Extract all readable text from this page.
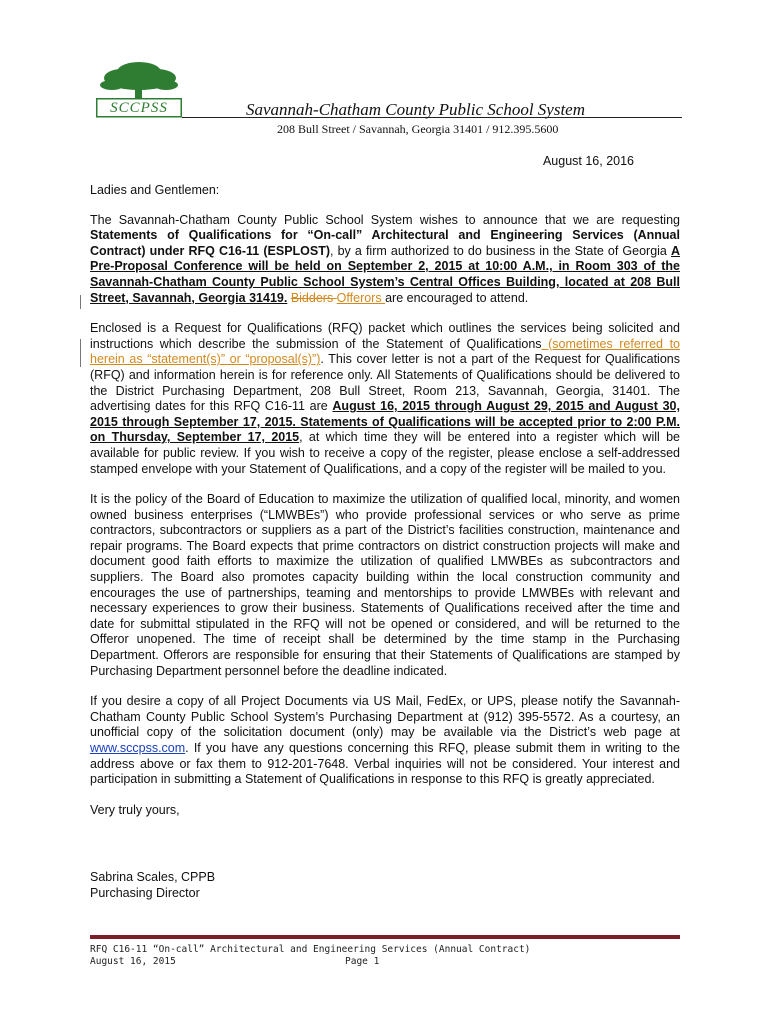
SCCPSS	Savannah-Chatham County Public School System
208 Bull Street / Savannah, Georgia 31401 / 912.395.5600
August 16, 2016

Ladies and Gentlemen:

The Savannah-Chatham County Public School System wishes to announce that we are requesting Statements of Qualifications for “On-call” Architectural and Engineering Services (Annual Contract) under RFQ C16-11 (ESPLOST), by a firm authorized to do business in the State of Georgia A Pre-Proposal Conference will be held on September 2, 2015 at 10:00 A.M., in Room 303 of the Savannah-Chatham County Public School System’s Central Offices Building, located at 208 Bull Street, Savannah, Georgia 31419. Bidders Offerors are encouraged to attend.

Enclosed is a Request for Qualifications (RFQ) packet which outlines the services being solicited and instructions which describe the submission of the Statement of Qualifications (sometimes referred to herein as “statement(s)” or “proposal(s)”). This cover letter is not a part of the Request for Qualifications (RFQ) and information herein is for reference only. All Statements of Qualifications should be delivered to the District Purchasing Department, 208 Bull Street, Room 213, Savannah, Georgia, 31401. The advertising dates for this RFQ C16-11 are August 16, 2015 through August 29, 2015 and August 30, 2015 through September 17, 2015. Statements of Qualifications will be accepted prior to 2:00 P.M. on Thursday, September 17, 2015, at which time they will be entered into a register which will be available for public review. If you wish to receive a copy of the register, please enclose a self-addressed stamped envelope with your Statement of Qualifications, and a copy of the register will be mailed to you.

It is the policy of the Board of Education to maximize the utilization of qualified local, minority, and women owned business enterprises (“LMWBEs”) who provide professional services or who serve as prime contractors, subcontractors or suppliers as a part of the District’s facilities construction, maintenance and repair programs. The Board expects that prime contractors on district construction projects will make and document good faith efforts to maximize the utilization of qualified LMWBEs as subcontractors and suppliers. The Board also promotes capacity building within the local construction community and encourages the use of partnerships, teaming and mentorships to provide LMWBEs with relevant and necessary experiences to grow their business. Statements of Qualifications received after the time and date for submittal stipulated in the RFQ will not be opened or considered, and will be returned to the Offeror unopened. The time of receipt shall be determined by the time stamp in the Purchasing Department. Offerors are responsible for ensuring that their Statements of Qualifications are stamped by Purchasing Department personnel before the deadline indicated.

If you desire a copy of all Project Documents via US Mail, FedEx, or UPS, please notify the Savannah-Chatham County Public School System’s Purchasing Department at (912) 395-5572. As a courtesy, an unofficial copy of the solicitation document (only) may be available via the District’s web page at www.sccpss.com. If you have any questions concerning this RFQ, please submit them in writing to the address above or fax them to 912-201-7648. Verbal inquiries will not be considered. Your interest and participation in submitting a Statement of Qualifications in response to this RFQ is greatly appreciated.

Very truly yours,

Sabrina Scales, CPPB
Purchasing Director
RFQ C16-11 “On-call” Architectural and Engineering Services (Annual Contract)
August 16, 2015	Page 1
